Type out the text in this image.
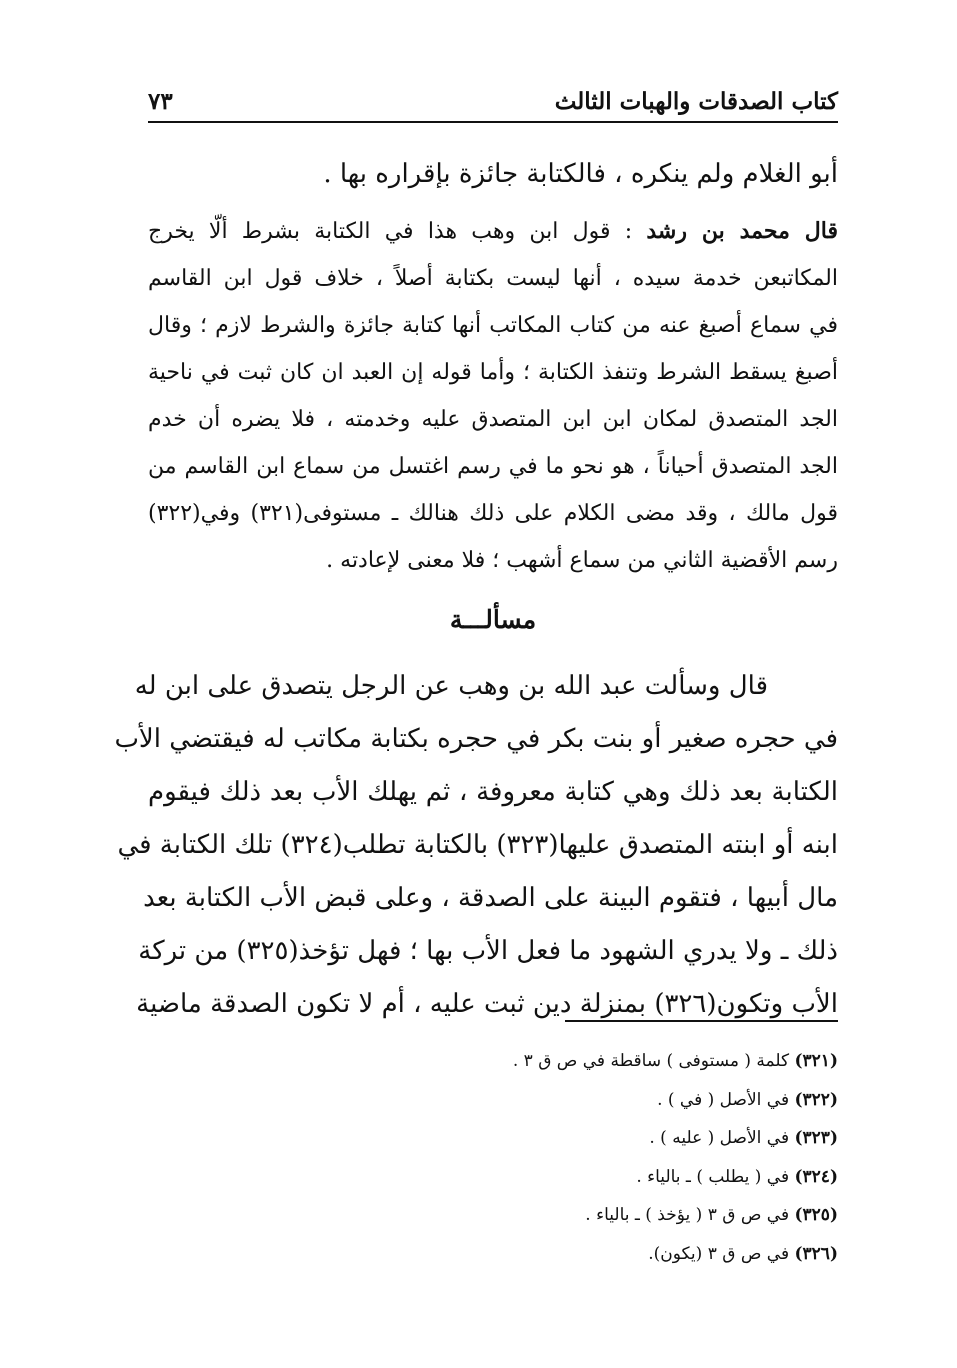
كتاب الصدقات والهبات الثالث
٧٣
أبو الغلام ولم ينكره ، فالكتابة جائزة بإقراره بها .
قال محمد بن رشد : قول ابن وهب هذا في الكتابة بشرط ألّا يخرج
المكاتبعن خدمة سيده ، أنها ليست بكتابة أصلاً ، خلاف قول ابن القاسم
في سماع أصبغ عنه من كتاب المكاتب أنها كتابة جائزة والشرط لازم ؛ وقال
أصبغ يسقط الشرط وتنفذ الكتابة ؛ وأما قوله إن العبد ان كان ثبت في ناحية
الجد المتصدق لمكان ابن ابن المتصدق عليه وخدمته ، فلا يضره أن خدم
الجد المتصدق أحياناً ، هو نحو ما في رسم اغتسل من سماع ابن القاسم من
قول مالك ، وقد مضى الكلام على ذلك هنالك ـ مستوفى(٣٢١) وفي(٣٢٢)
رسم الأقضية الثاني من سماع أشهب ؛ فلا معنى لإعادته .
مسألـــة
قال وسألت عبد الله بن وهب عن الرجل يتصدق على ابن له
في حجره صغير أو بنت بكر في حجره بكتابة مكاتب له فيقتضي الأب
الكتابة بعد ذلك وهي كتابة معروفة ، ثم يهلك الأب بعد ذلك فيقوم
ابنه أو ابنته المتصدق عليها(٣٢٣) بالكتابة تطلب(٣٢٤) تلك الكتابة في
مال أبيها ، فتقوم البينة على الصدقة ، وعلى قبض الأب الكتابة بعد
ذلك ـ ولا يدري الشهود ما فعل الأب بها ؛ فهل تؤخذ(٣٢٥) من تركة
الأب وتكون(٣٢٦) بمنزلة دين ثبت عليه ، أم لا تكون الصدقة ماضية
(٣٢١) كلمة ( مستوفى ) ساقطة في ص ق ٣ .
(٣٢٢) في الأصل ( في ) .
(٣٢٣) في الأصل ( عليه ) .
(٣٢٤) في ( يطلب ) ـ بالياء .
(٣٢٥) في ص ق ٣ ( يؤخذ ) ـ بالياء .
(٣٢٦) في ص ق ٣ (يكون).
